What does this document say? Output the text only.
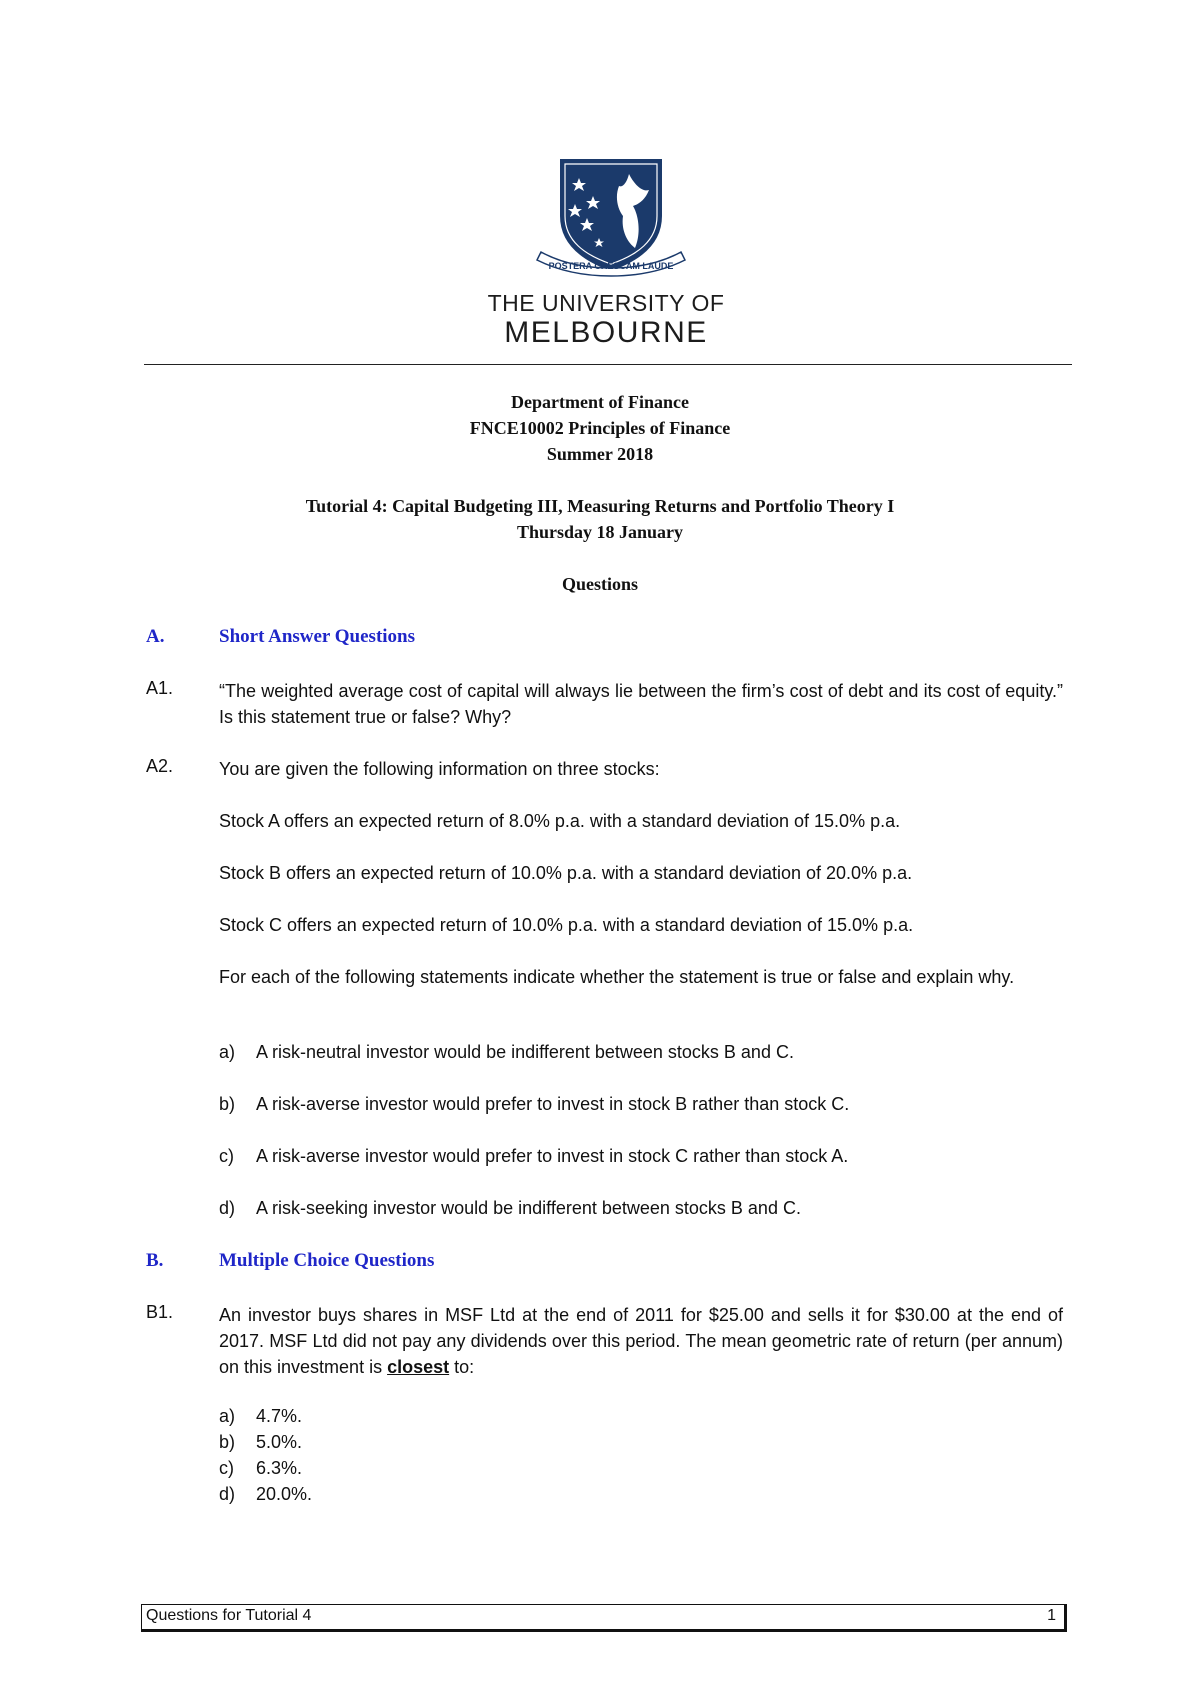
POSTERA CRESCAM LAUDE
THE UNIVERSITY OF
MELBOURNE
Department of Finance
FNCE10002 Principles of Finance
Summer 2018
Tutorial 4: Capital Budgeting III, Measuring Returns and Portfolio Theory I
Thursday 18 January
Questions
A.	Short Answer Questions
A1.	“The weighted average cost of capital will always lie between the firm’s cost of debt and its cost of equity.” Is this statement true or false? Why?
A2.	You are given the following information on three stocks:
Stock A offers an expected return of 8.0% p.a. with a standard deviation of 15.0% p.a.
Stock B offers an expected return of 10.0% p.a. with a standard deviation of 20.0% p.a.
Stock C offers an expected return of 10.0% p.a. with a standard deviation of 15.0% p.a.
For each of the following statements indicate whether the statement is true or false and explain why.
a) A risk-neutral investor would be indifferent between stocks B and C.
b) A risk-averse investor would prefer to invest in stock B rather than stock C.
c) A risk-averse investor would prefer to invest in stock C rather than stock A.
d) A risk-seeking investor would be indifferent between stocks B and C.
B.	Multiple Choice Questions
B1.	An investor buys shares in MSF Ltd at the end of 2011 for $25.00 and sells it for $30.00 at the end of 2017. MSF Ltd did not pay any dividends over this period. The mean geometric rate of return (per annum) on this investment is closest to:
a) 4.7%.
b) 5.0%.
c) 6.3%.
d) 20.0%.
Questions for Tutorial 4	1
